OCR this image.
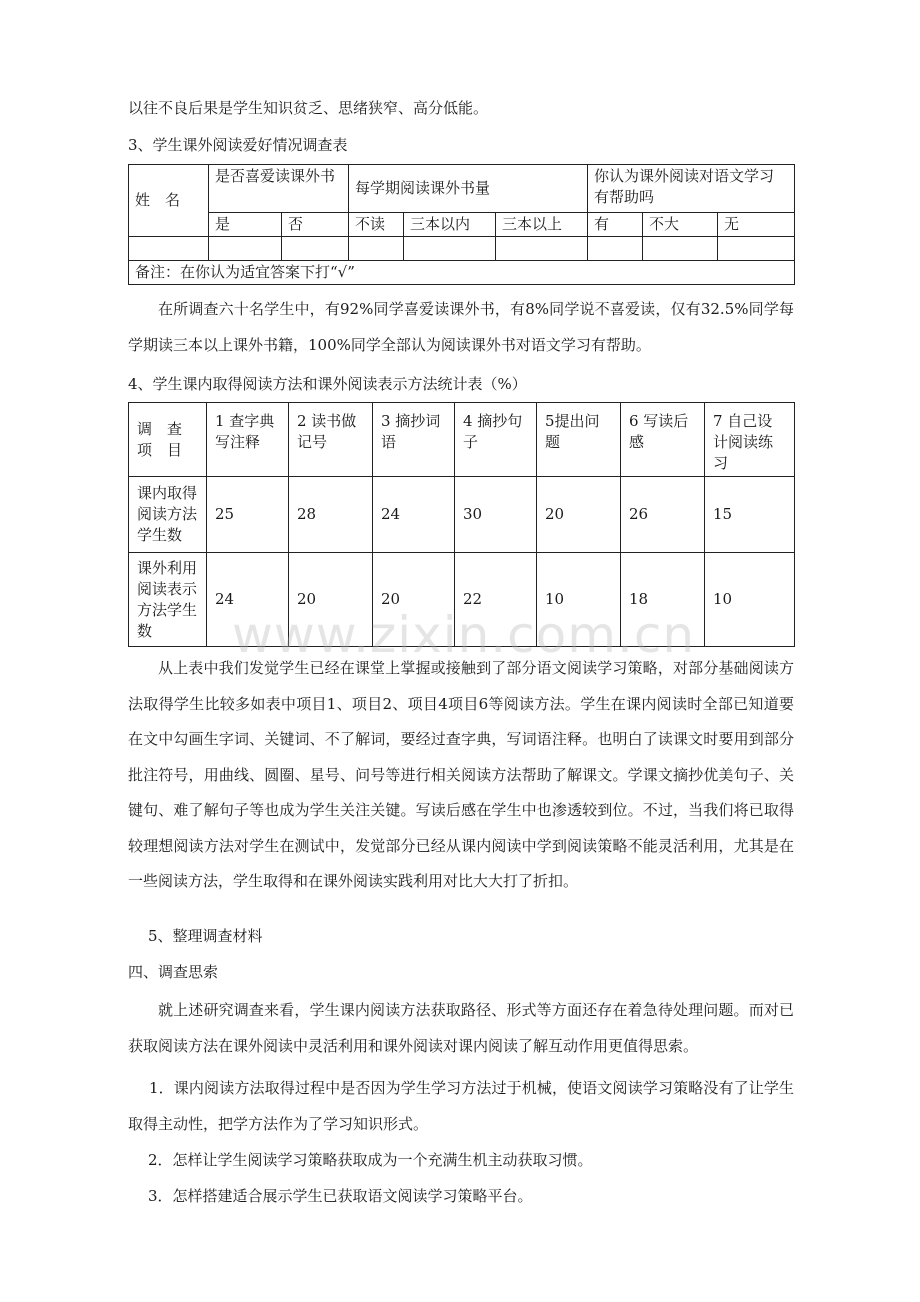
以往不良后果是学生知识贫乏、思绪狭窄、高分低能。
3、学生课外阅读爱好情况调查表
姓　名	是否喜爱读课外书		每学期阅读课外书量			你认为课外阅读对语文学习有帮助吗		
	是	否	不读	三本以内	三本以上	有	不大	无

备注：在你认为适宜答案下打“√”								

在所调查六十名学生中，有92%同学喜爱读课外书，有8%同学说不喜爱读，仅有32.5%同学每学期读三本以上课外书籍，100%同学全部认为阅读课外书对语文学习有帮助。

4、学生课内取得阅读方法和课外阅读表示方法统计表（%）
调　查
项　目	1 查字典写注释	2 读书做记号	3 摘抄词语	4 摘抄句子	5提出问题	6 写读后感	7 自己设计阅读练习
课内取得阅读方法学生数	25	28	24	30	20	26	15
课外利用阅读表示方法学生数	24	20	20	22	10	18	10
www.zixin.com.cn

从上表中我们发觉学生已经在课堂上掌握或接触到了部分语文阅读学习策略，对部分基础阅读方法取得学生比较多如表中项目1、项目2、项目4项目6等阅读方法。学生在课内阅读时全部已知道要在文中勾画生字词、关键词、不了解词，要经过查字典，写词语注释。也明白了读课文时要用到部分批注符号，用曲线、圆圈、星号、问号等进行相关阅读方法帮助了解课文。学课文摘抄优美句子、关键句、难了解句子等也成为学生关注关键。写读后感在学生中也渗透较到位。不过，当我们将已取得较理想阅读方法对学生在测试中，发觉部分已经从课内阅读中学到阅读策略不能灵活利用，尤其是在一些阅读方法，学生取得和在课外阅读实践利用对比大大打了折扣。

5、整理调查材料
四、调查思索

就上述研究调查来看，学生课内阅读方法获取路径、形式等方面还存在着急待处理问题。而对已获取阅读方法在课外阅读中灵活利用和课外阅读对课内阅读了解互动作用更值得思索。

1．课内阅读方法取得过程中是否因为学生学习方法过于机械，使语文阅读学习策略没有了让学生取得主动性，把学方法作为了学习知识形式。

2．怎样让学生阅读学习策略获取成为一个充满生机主动获取习惯。
3．怎样搭建适合展示学生已获取语文阅读学习策略平台。
